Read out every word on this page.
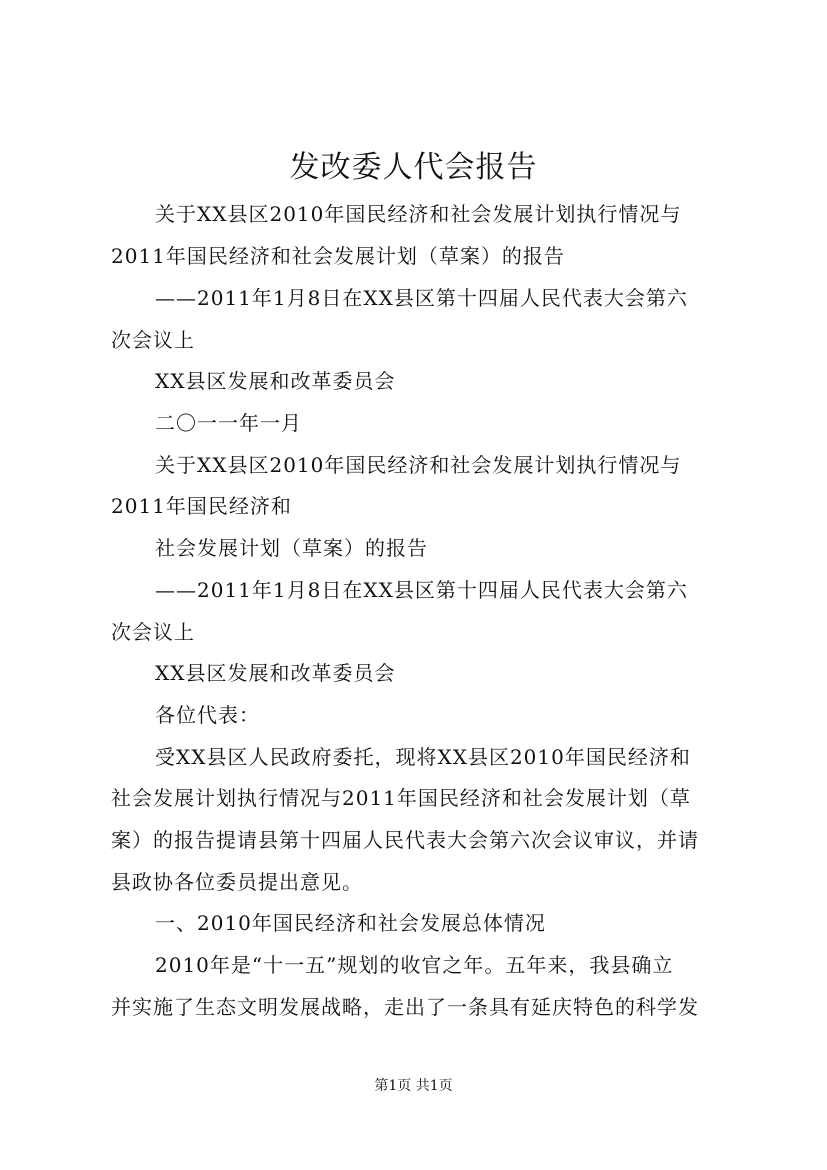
发改委人代会报告
关于XX县区2010年国民经济和社会发展计划执行情况与
2011年国民经济和社会发展计划（草案）的报告
——2011年1月8日在XX县区第十四届人民代表大会第六
次会议上
XX县区发展和改革委员会
二〇一一年一月
关于XX县区2010年国民经济和社会发展计划执行情况与
2011年国民经济和
社会发展计划（草案）的报告
——2011年1月8日在XX县区第十四届人民代表大会第六
次会议上
XX县区发展和改革委员会
各位代表：
受XX县区人民政府委托，现将XX县区2010年国民经济和
社会发展计划执行情况与2011年国民经济和社会发展计划（草
案）的报告提请县第十四届人民代表大会第六次会议审议，并请
县政协各位委员提出意见。
一、2010年国民经济和社会发展总体情况
2010年是“十一五”规划的收官之年。五年来，我县确立
并实施了生态文明发展战略，走出了一条具有延庆特色的科学发
第1页 共1页
